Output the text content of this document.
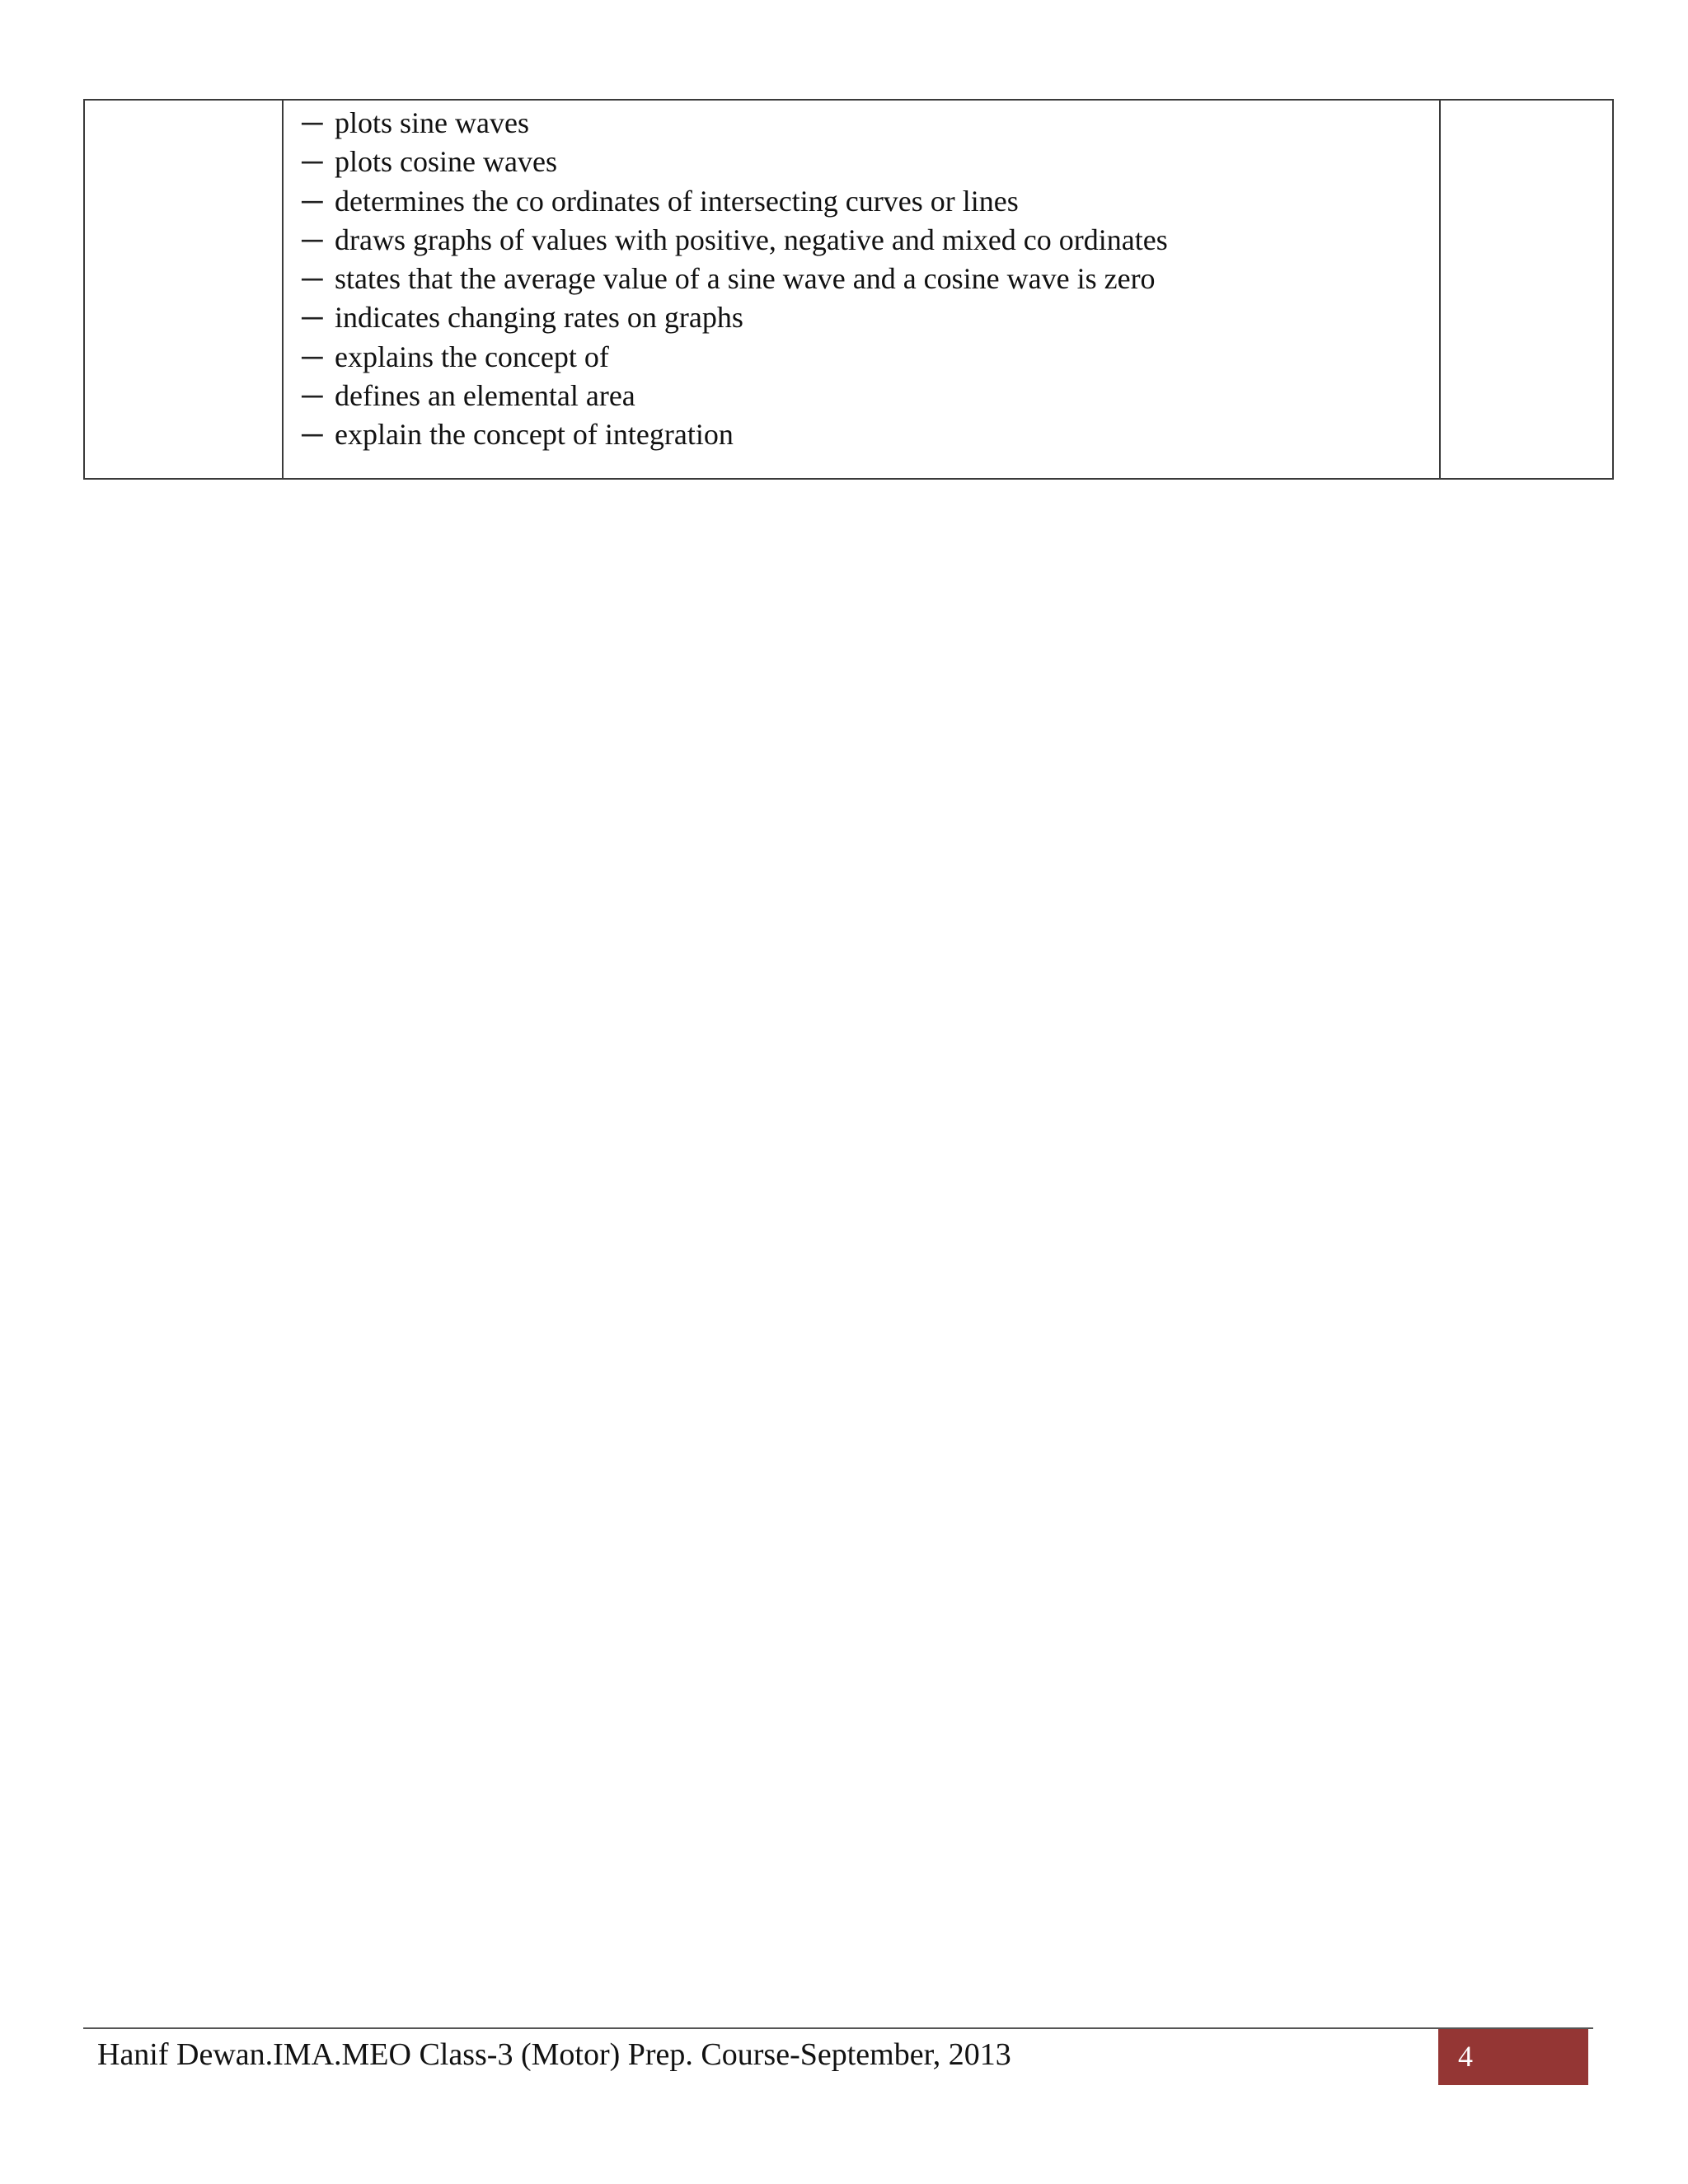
─ plots sine waves
─ plots cosine waves
─ determines the co ordinates of intersecting curves or lines
─ draws graphs of values with positive, negative and mixed co ordinates
─ states that the average value of a sine wave and a cosine wave is zero
─ indicates changing rates on graphs
─ explains the concept of
─ defines an elemental area
─ explain the concept of integration
Hanif Dewan.IMA.MEO Class-3 (Motor) Prep. Course-September, 2013	4
